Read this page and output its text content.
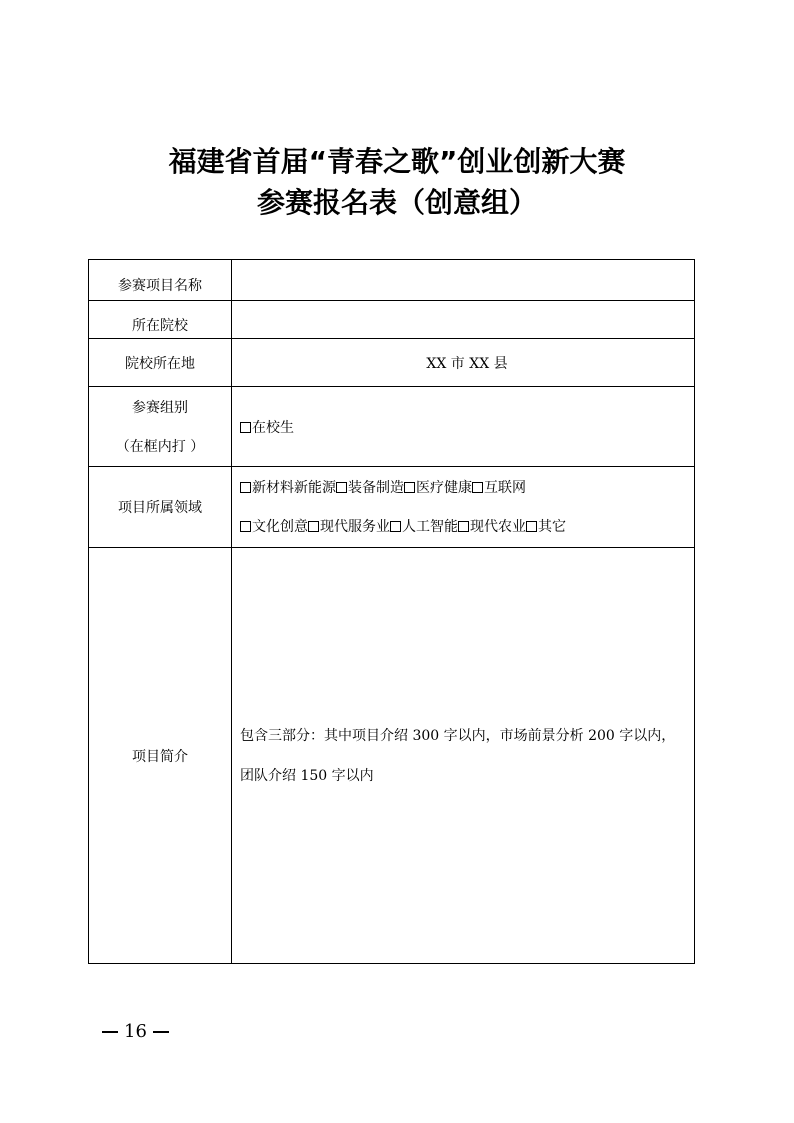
福建省首届“青春之歌”创业创新大赛
参赛报名表（创意组）
参赛项目名称	

所在院校	

院校所在地	XX 市 XX 县

参赛组别
（在框内打 ）	在校生
项目所属领域	新材料新能源 装备制造 医疗健康 互联网
文化创意 现代服务业 人工智能 现代农业 其它

项目简介	包含三部分：其中项目介绍 300 字以内，市场前景分析 200 字以内，
团队介绍 150 字以内
16
